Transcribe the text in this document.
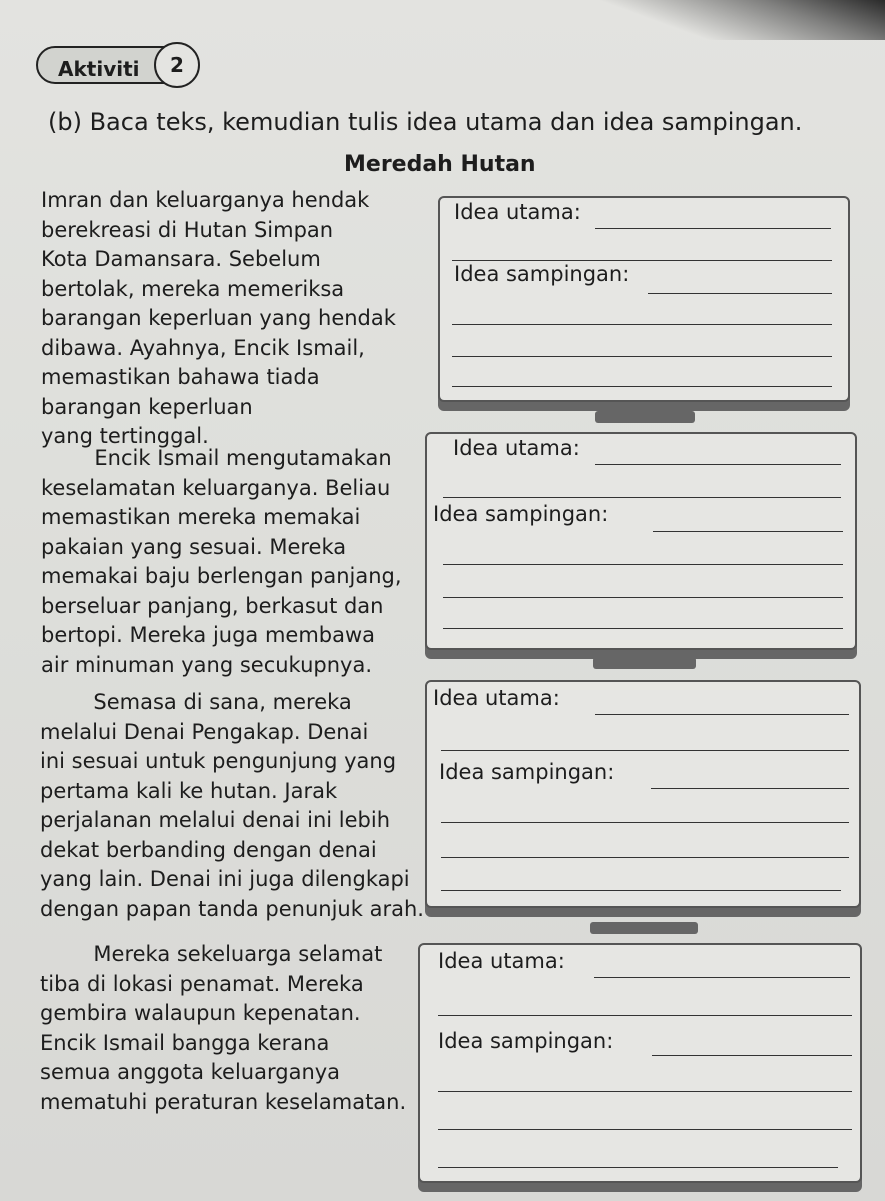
Aktiviti	2
(b) Baca teks, kemudian tulis idea utama dan idea sampingan.
Meredah Hutan
Imran dan keluarganya hendak
berekreasi di Hutan Simpan
Kota Damansara. Sebelum
bertolak, mereka memeriksa
barangan keperluan yang hendak
dibawa. Ayahnya, Encik Ismail,
memastikan bahawa tiada
barangan keperluan
yang tertinggal.
Idea utama:
Idea sampingan:
Encik Ismail mengutamakan
keselamatan keluarganya. Beliau
memastikan mereka memakai
pakaian yang sesuai. Mereka
memakai baju berlengan panjang,
berseluar panjang, berkasut dan
bertopi. Mereka juga membawa
air minuman yang secukupnya.
Idea utama:
Idea sampingan:
Semasa di sana, mereka
melalui Denai Pengakap. Denai
ini sesuai untuk pengunjung yang
pertama kali ke hutan. Jarak
perjalanan melalui denai ini lebih
dekat berbanding dengan denai
yang lain. Denai ini juga dilengkapi
dengan papan tanda penunjuk arah.
Idea utama:
Idea sampingan:
Mereka sekeluarga selamat
tiba di lokasi penamat. Mereka
gembira walaupun kepenatan.
Encik Ismail bangga kerana
semua anggota keluarganya
mematuhi peraturan keselamatan.
Idea utama:
Idea sampingan:
